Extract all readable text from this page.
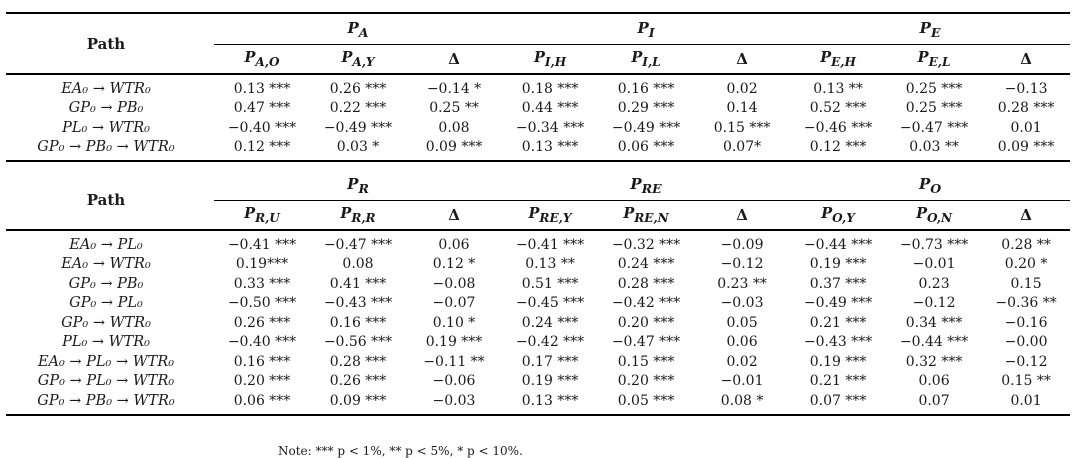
Path		$P_A$			$P_I$			$P_E$
		$P_{A,O}$	$P_{A,Y}$	Δ	$P_{I,H}$	$P_{I,L}$	Δ	$P_{E,H}$	$P_{E,L}$	Δ
EA₀ → WTR₀		0.13 ***	0.26 ***	−0.14 *	0.18 ***	0.16 ***	0.02	0.13 **	0.25 ***	−0.13
GP₀ → PB₀		0.47 ***	0.22 ***	0.25 **	0.44 ***	0.29 ***	0.14	0.52 ***	0.25 ***	0.28 ***
PL₀ → WTR₀		−0.40 ***	−0.49 ***	0.08	−0.34 ***	−0.49 ***	0.15 ***	−0.46 ***	−0.47 ***	0.01
GP₀ → PB₀ → WTR₀		0.12 ***	0.03 *	0.09 ***	0.13 ***	0.06 ***	0.07*	0.12 ***	0.03 **	0.09 ***
Path		$P_R$			$P_{RE}$			$P_O$
		$P_{R,U}$	$P_{R,R}$	Δ	$P_{RE,Y}$	$P_{RE,N}$	Δ	$P_{O,Y}$	$P_{O,N}$	Δ
EA₀ → PL₀		−0.41 ***	−0.47 ***	0.06	−0.41 ***	−0.32 ***	−0.09	−0.44 ***	−0.73 ***	0.28 **
EA₀ → WTR₀		0.19***	0.08	0.12 *	0.13 **	0.24 ***	−0.12	0.19 ***	−0.01	0.20 *
GP₀ → PB₀		0.33 ***	0.41 ***	−0.08	0.51 ***	0.28 ***	0.23 **	0.37 ***	0.23	0.15
GP₀ → PL₀		−0.50 ***	−0.43 ***	−0.07	−0.45 ***	−0.42 ***	−0.03	−0.49 ***	−0.12	−0.36 **
GP₀ → WTR₀		0.26 ***	0.16 ***	0.10 *	0.24 ***	0.20 ***	0.05	0.21 ***	0.34 ***	−0.16
PL₀ → WTR₀		−0.40 ***	−0.56 ***	0.19 ***	−0.42 ***	−0.47 ***	0.06	−0.43 ***	−0.44 ***	−0.00
EA₀ → PL₀ → WTR₀		0.16 ***	0.28 ***	−0.11 **	0.17 ***	0.15 ***	0.02	0.19 ***	0.32 ***	−0.12
GP₀ → PL₀ → WTR₀		0.20 ***	0.26 ***	−0.06	0.19 ***	0.20 ***	−0.01	0.21 ***	0.06	0.15 **
GP₀ → PB₀ → WTR₀		0.06 ***	0.09 ***	−0.03	0.13 ***	0.05 ***	0.08 *	0.07 ***	0.07	0.01
Note: *** p < 1%, ** p < 5%, * p < 10%.
